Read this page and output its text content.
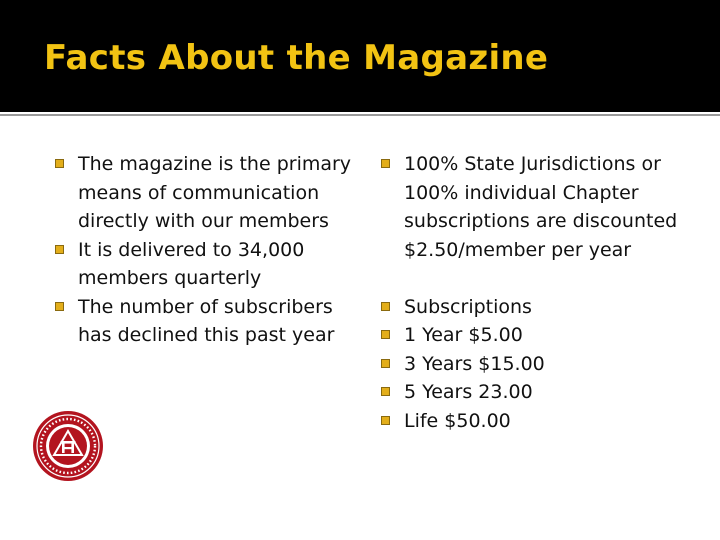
Facts About the Magazine
The magazine is the primary means of communication directly with our members
It is delivered to 34,000 members quarterly
The number of subscribers has declined this past year
100% State Jurisdictions or 100% individual Chapter subscriptions are discounted $2.50/member per year
Subscriptions
1 Year $5.00
3 Years $15.00
5 Years 23.00
Life $50.00
